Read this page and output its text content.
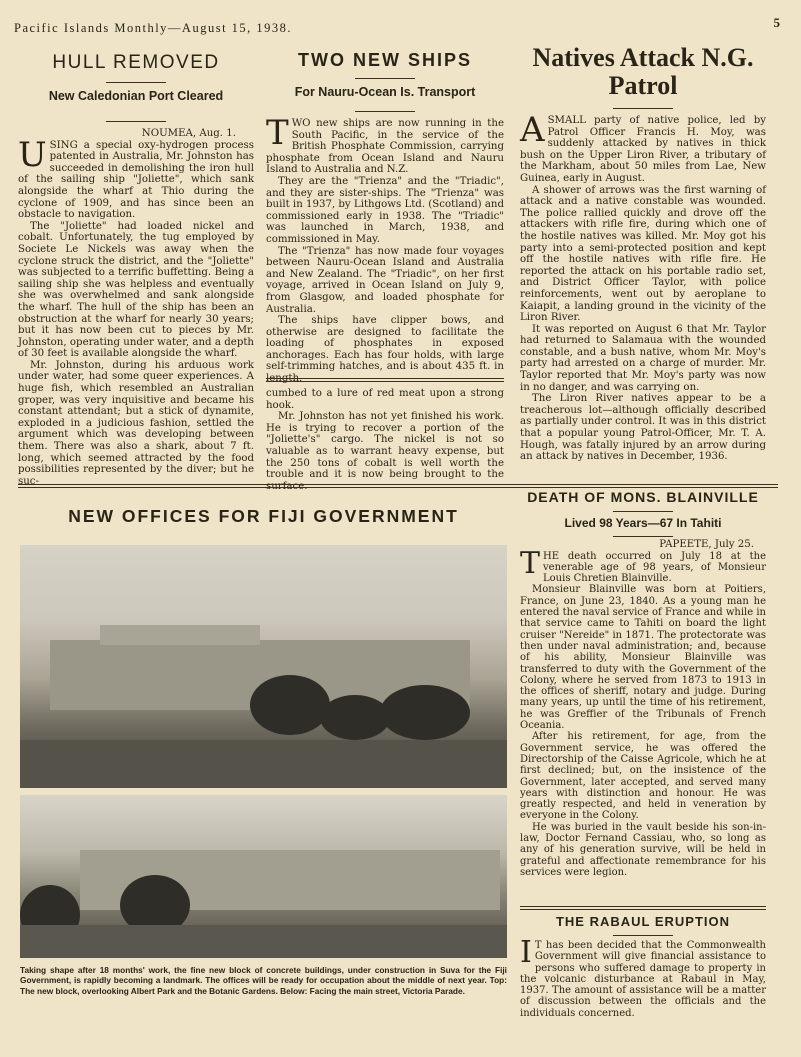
Pacific Islands Monthly—August 15, 1938.	5
HULL REMOVED

New Caledonian Port Cleared

NOUMEA, Aug. 1.

U SING a special oxy-hydrogen process patented in Australia, Mr. Johnston has succeeded in demolishing the iron hull of the sailing ship "Joliette", which sank alongside the wharf at Thio during the cyclone of 1909, and has since been an obstacle to navigation.

The "Joliette" had loaded nickel and cobalt. Unfortunately, the tug employed by Societe Le Nickels was away when the cyclone struck the district, and the "Joliette" was subjected to a terrific buffetting. Being a sailing ship she was helpless and eventually she was overwhelmed and sank alongside the wharf. The hull of the ship has been an obstruction at the wharf for nearly 30 years; but it has now been cut to pieces by Mr. Johnston, operating under water, and a depth of 30 feet is available alongside the wharf.

Mr. Johnston, during his arduous work under water, had some queer experiences. A huge fish, which resembled an Australian groper, was very inquisitive and became his constant attendant; but a stick of dynamite, exploded in a judicious fashion, settled the argument which was developing between them. There was also a shark, about 7 ft. long, which seemed attracted by the food possibilities represented by the diver; but he suc-

TWO NEW SHIPS

For Nauru-Ocean Is. Transport

T WO new ships are now running in the South Pacific, in the service of the British Phosphate Commission, carrying phosphate from Ocean Island and Nauru Island to Australia and N.Z.

They are the "Trienza" and the "Triadic", and they are sister-ships. The "Trienza" was built in 1937, by Lithgows Ltd. (Scotland) and commissioned early in 1938. The "Triadic" was launched in March, 1938, and commissioned in May.

The "Trienza" has now made four voyages between Nauru-Ocean Island and Australia and New Zealand. The "Triadic", on her first voyage, arrived in Ocean Island on July 9, from Glasgow, and loaded phosphate for Australia.

The ships have clipper bows, and otherwise are designed to facilitate the loading of phosphates in exposed anchorages. Each has four holds, with large self-trimming hatches, and is about 435 ft. in length.

cumbed to a lure of red meat upon a strong hook.

Mr. Johnston has not yet finished his work. He is trying to recover a portion of the "Joliette's" cargo. The nickel is not so valuable as to warrant heavy expense, but the 250 tons of cobalt is well worth the trouble and it is now being brought to the surface.

Natives Attack N.G. Patrol
A SMALL party of native police, led by Patrol Officer Francis H. Moy, was suddenly attacked by natives in thick bush on the Upper Liron River, a tributary of the Markham, about 50 miles from Lae, New Guinea, early in August.

A shower of arrows was the first warning of attack and a native constable was wounded. The police rallied quickly and drove off the attackers with rifle fire, during which one of the hostile natives was killed. Mr. Moy got his party into a semi-protected position and kept off the hostile natives with rifle fire. He reported the attack on his portable radio set, and District Officer Taylor, with police reinforcements, went out by aeroplane to Kaiapit, a landing ground in the vicinity of the Liron River.

It was reported on August 6 that Mr. Taylor had returned to Salamaua with the wounded constable, and a bush native, whom Mr. Moy's party had arrested on a charge of murder. Mr. Taylor reported that Mr. Moy's party was now in no danger, and was carrying on.

The Liron River natives appear to be a treacherous lot—although officially described as partially under control. It was in this district that a popular young Patrol-Officer, Mr. T. A. Hough, was fatally injured by an arrow during an attack by natives in December, 1936.

NEW OFFICES FOR FIJI GOVERNMENT
Taking shape after 18 months' work, the fine new block of concrete buildings, under construction in Suva for the Fiji Government, is rapidly becoming a landmark. The offices will be ready for occupation about the middle of next year. Top: The new block, overlooking Albert Park and the Botanic Gardens. Below: Facing the main street, Victoria Parade.
DEATH OF MONS. BLAINVILLE

Lived 98 Years—67 In Tahiti

PAPEETE, July 25.

T HE death occurred on July 18 at the venerable age of 98 years, of Monsieur Louis Chretien Blainville.

Monsieur Blainville was born at Poitiers, France, on June 23, 1840. As a young man he entered the naval service of France and while in that service came to Tahiti on board the light cruiser "Nereide" in 1871. The protectorate was then under naval administration; and, because of his ability, Monsieur Blainville was transferred to duty with the Government of the Colony, where he served from 1873 to 1913 in the offices of sheriff, notary and judge. During many years, up until the time of his retirement, he was Greffier of the Tribunals of French Oceania.

After his retirement, for age, from the Government service, he was offered the Directorship of the Caisse Agricole, which he at first declined; but, on the insistence of the Government, later accepted, and served many years with distinction and honour. He was greatly respected, and held in veneration by everyone in the Colony.

He was buried in the vault beside his son-in-law, Doctor Fernand Cassiau, who, so long as any of his generation survive, will be held in grateful and affectionate remembrance for his services were legion.

THE RABAUL ERUPTION
I T has been decided that the Commonwealth Government will give financial assistance to persons who suffered damage to property in the volcanic disturbance at Rabaul in May, 1937. The amount of assistance will be a matter of discussion between the officials and the individuals concerned.
